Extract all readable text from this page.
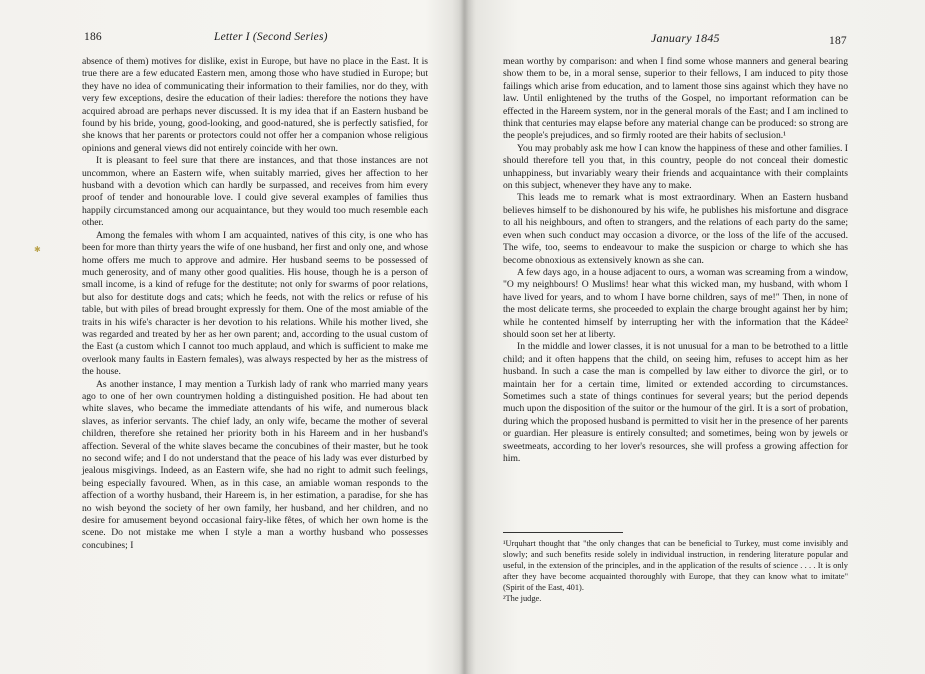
186	Letter I (Second Series)
✱

absence of them) motives for dislike, exist in Europe, but have no place in the East. It is true there are a few educated Eastern men, among those who have studied in Europe; but they have no idea of communicating their information to their families, nor do they, with very few exceptions, desire the education of their ladies: therefore the notions they have acquired abroad are perhaps never discussed. It is my idea that if an Eastern husband be found by his bride, young, good-looking, and good-natured, she is perfectly satisfied, for she knows that her parents or protectors could not offer her a companion whose religious opinions and general views did not entirely coincide with her own.

It is pleasant to feel sure that there are instances, and that those instances are not uncommon, where an Eastern wife, when suitably married, gives her affection to her husband with a devotion which can hardly be surpassed, and receives from him every proof of tender and honourable love. I could give several examples of families thus happily circumstanced among our acquaintance, but they would too much resemble each other.

Among the females with whom I am acquainted, natives of this city, is one who has been for more than thirty years the wife of one husband, her first and only one, and whose home offers me much to approve and admire. Her husband seems to be possessed of much generosity, and of many other good qualities. His house, though he is a person of small income, is a kind of refuge for the destitute; not only for swarms of poor relations, but also for destitute dogs and cats; which he feeds, not with the relics or refuse of his table, but with piles of bread brought expressly for them. One of the most amiable of the traits in his wife's character is her devotion to his relations. While his mother lived, she was regarded and treated by her as her own parent; and, according to the usual custom of the East (a custom which I cannot too much applaud, and which is sufficient to make me overlook many faults in Eastern females), was always respected by her as the mistress of the house.

As another instance, I may mention a Turkish lady of rank who married many years ago to one of her own countrymen holding a distinguished position. He had about ten white slaves, who became the immediate attendants of his wife, and numerous black slaves, as inferior servants. The chief lady, an only wife, became the mother of several children, therefore she retained her priority both in his Hareem and in her husband's affection. Several of the white slaves became the concubines of their master, but he took no second wife; and I do not understand that the peace of his lady was ever disturbed by jealous misgivings. Indeed, as an Eastern wife, she had no right to admit such feelings, being especially favoured. When, as in this case, an amiable woman responds to the affection of a worthy husband, their Hareem is, in her estimation, a paradise, for she has no wish beyond the society of her own family, her husband, and her children, and no desire for amusement beyond occasional fairy-like fêtes, of which her own home is the scene. Do not mistake me when I style a man a worthy husband who possesses concubines; I

January 1845	187

mean worthy by comparison: and when I find some whose manners and general bearing show them to be, in a moral sense, superior to their fellows, I am induced to pity those failings which arise from education, and to lament those sins against which they have no law. Until enlightened by the truths of the Gospel, no important reformation can be effected in the Hareem system, nor in the general morals of the East; and I am inclined to think that centuries may elapse before any material change can be produced: so strong are the people's prejudices, and so firmly rooted are their habits of seclusion.¹

You may probably ask me how I can know the happiness of these and other families. I should therefore tell you that, in this country, people do not conceal their domestic unhappiness, but invariably weary their friends and acquaintance with their complaints on this subject, whenever they have any to make.

This leads me to remark what is most extraordinary. When an Eastern husband believes himself to be dishonoured by his wife, he publishes his misfortune and disgrace to all his neighbours, and often to strangers, and the relations of each party do the same; even when such conduct may occasion a divorce, or the loss of the life of the accused. The wife, too, seems to endeavour to make the suspicion or charge to which she has become obnoxious as extensively known as she can.

A few days ago, in a house adjacent to ours, a woman was screaming from a window, "O my neighbours! O Muslims! hear what this wicked man, my husband, with whom I have lived for years, and to whom I have borne children, says of me!" Then, in none of the most delicate terms, she proceeded to explain the charge brought against her by him; while he contented himself by interrupting her with the information that the Kádee² should soon set her at liberty.

In the middle and lower classes, it is not unusual for a man to be betrothed to a little child; and it often happens that the child, on seeing him, refuses to accept him as her husband. In such a case the man is compelled by law either to divorce the girl, or to maintain her for a certain time, limited or extended according to circumstances. Sometimes such a state of things continues for several years; but the period depends much upon the disposition of the suitor or the humour of the girl. It is a sort of probation, during which the proposed husband is permitted to visit her in the presence of her parents or guardian. Her pleasure is entirely consulted; and sometimes, being won by jewels or sweetmeats, according to her lover's resources, she will profess a growing affection for him.

¹Urquhart thought that "the only changes that can be beneficial to Turkey, must come invisibly and slowly; and such benefits reside solely in individual instruction, in rendering literature popular and useful, in the extension of the principles, and in the application of the results of science . . . . It is only after they have become acquainted thoroughly with Europe, that they can know what to imitate" (Spirit of the East, 401).

²The judge.
